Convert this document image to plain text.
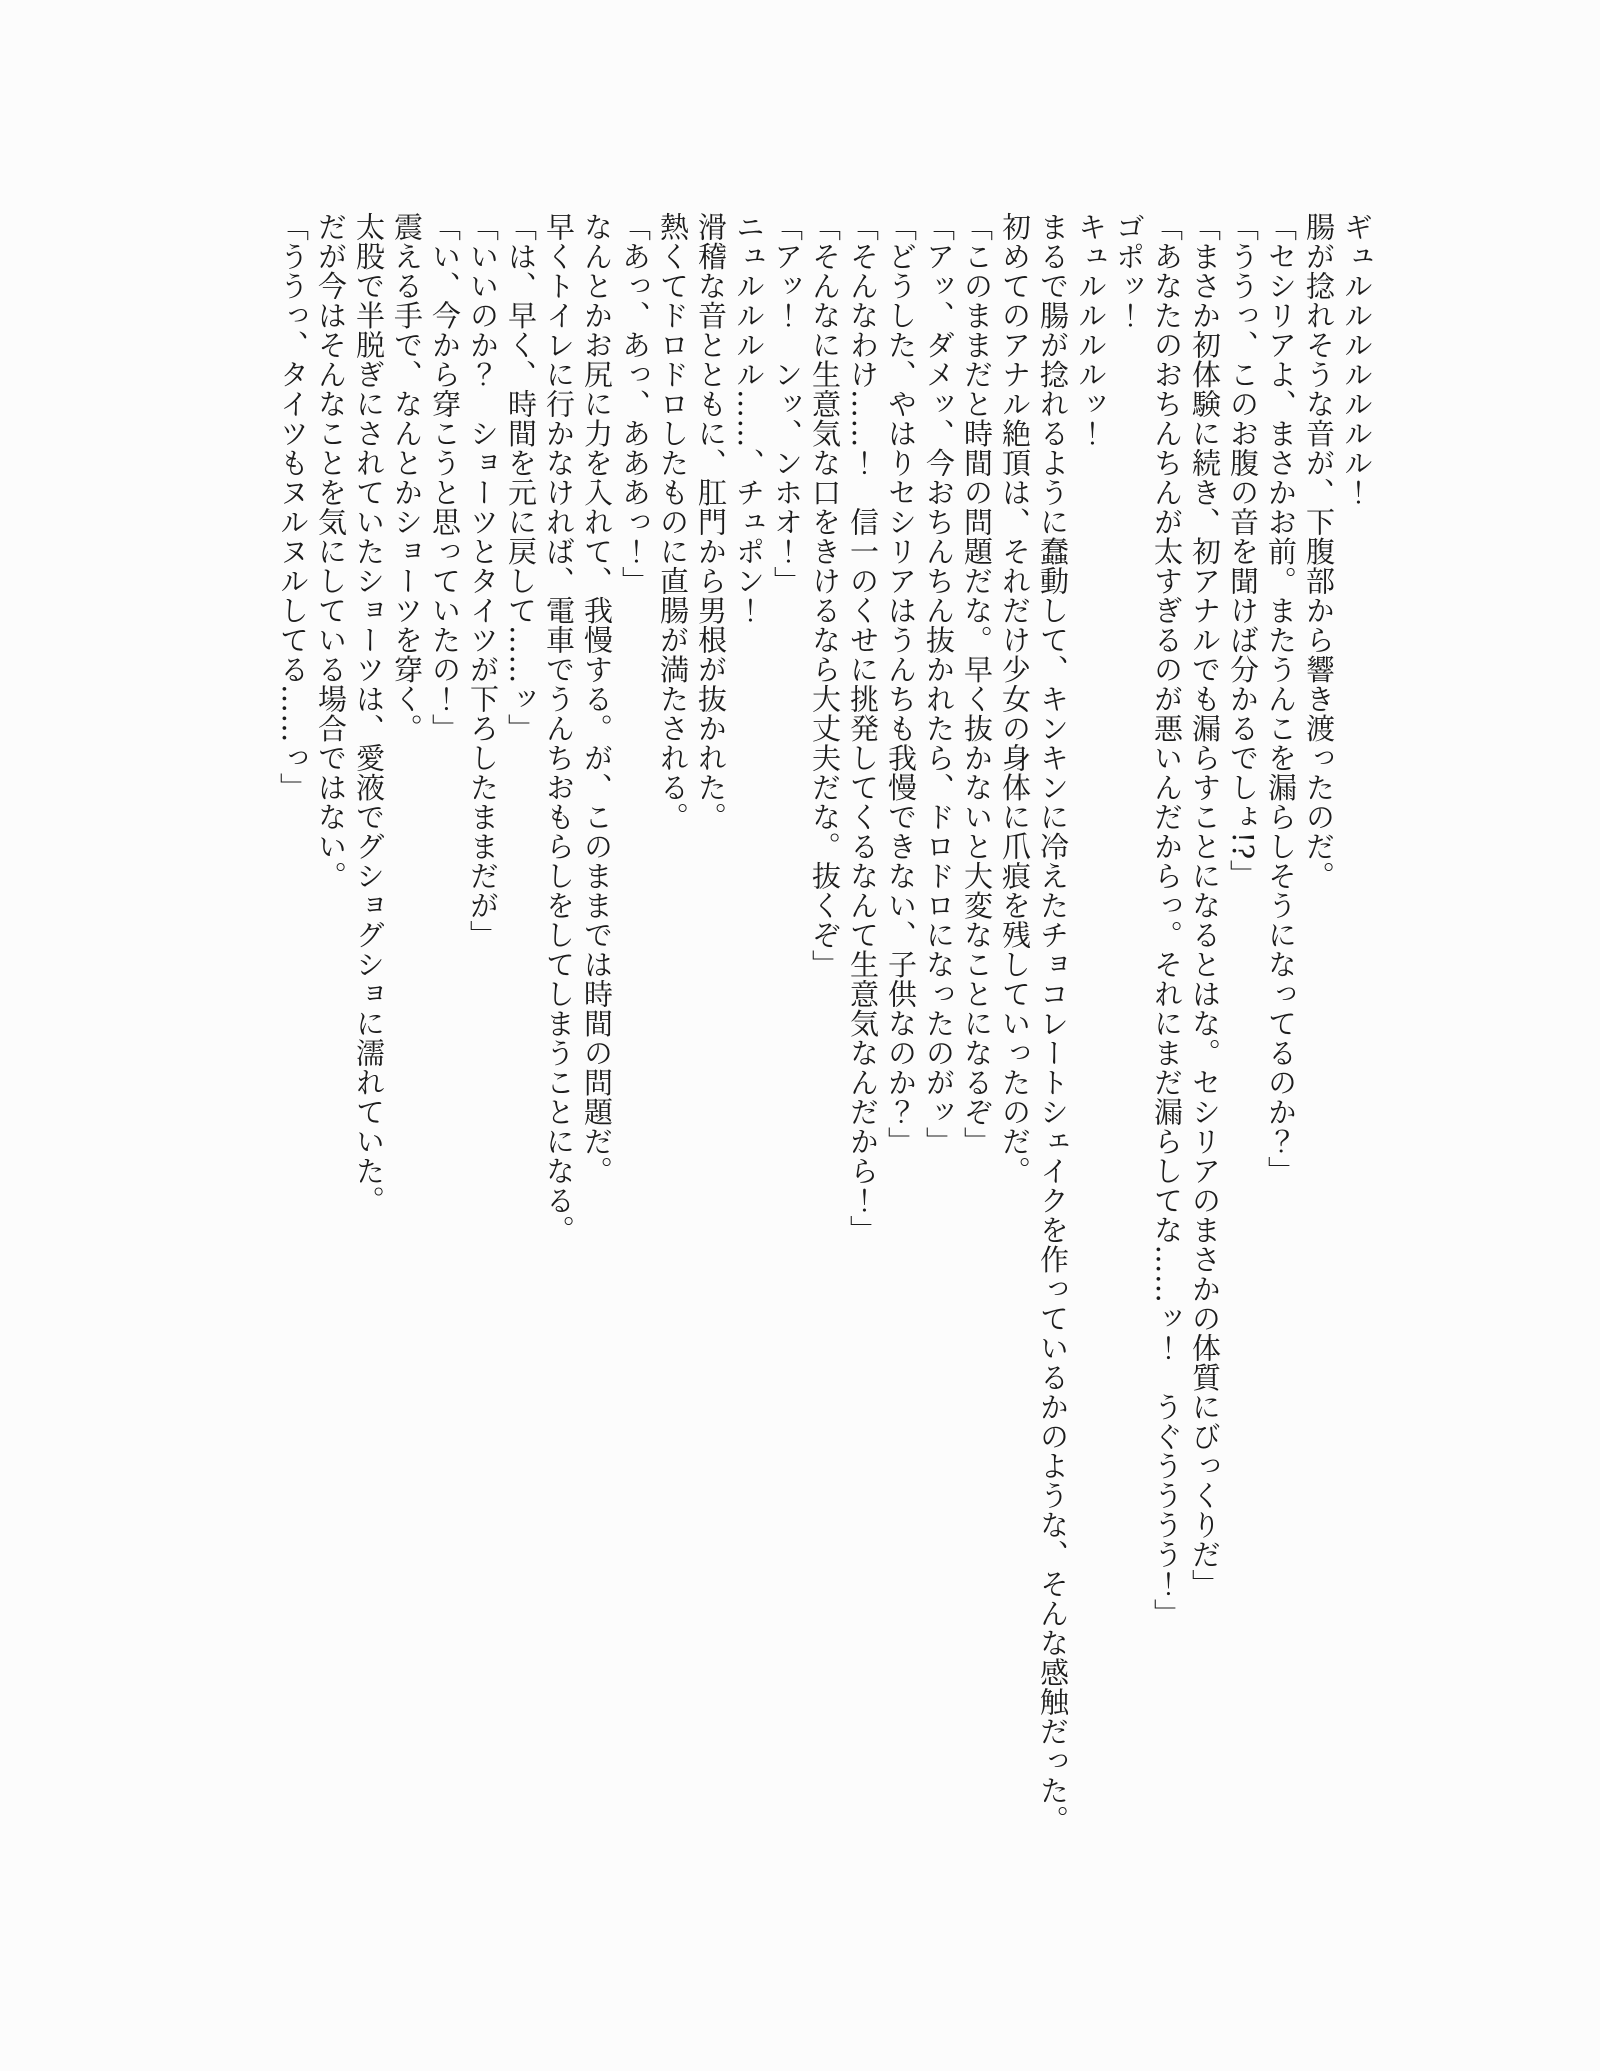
ギュルルルルルルル！

腸が捻れそうな音が、下腹部から響き渡ったのだ。

「セシリアよ、まさかお前。またうんこを漏らしそうになってるのか？」

「ううっ、このお腹の音を聞けば分かるでしょ!?」

「まさか初体験に続き、初アナルでも漏らすことになるとはな。セシリアのまさかの体質にびっくりだ」

「あなたのおちんちんが太すぎるのが悪いんだからっ。それにまだ漏らしてな……ッ！　うぐうううう！」

ゴポッ！

キュルルルルッ！

まるで腸が捻れるように蠢動して、キンキンに冷えたチョコレートシェイクを作っているかのような、そんな感触だった。

初めてのアナル絶頂は、それだけ少女の身体に爪痕を残していったのだ。

「このままだと時間の問題だな。早く抜かないと大変なことになるぞ」

「アッ、ダメッ、今おちんちん抜かれたら、ドロドロになったのがッ」

「どうした、やはりセシリアはうんちも我慢できない、子供なのか？」

「そんなわけ……！　信一のくせに挑発してくるなんて生意気なんだから！」

「そんなに生意気な口をきけるなら大丈夫だな。抜くぞ」

「アッ！　ンッ、ンホオ！」

ニュルルルル……、チュポン！

滑稽な音とともに、肛門から男根が抜かれた。

熱くてドロドロしたものに直腸が満たされる。

「あっ、あっ、あああっ！」

なんとかお尻に力を入れて、我慢する。が、このままでは時間の問題だ。

早くトイレに行かなければ、電車でうんちおもらしをしてしまうことになる。

「は、早く、時間を元に戻して……ッ」

「いいのか？　ショーツとタイツが下ろしたままだが」

「い、今から穿こうと思っていたの！」

震える手で、なんとかショーツを穿く。

太股で半脱ぎにされていたショーツは、愛液でグショグショに濡れていた。

だが今はそんなことを気にしている場合ではない。

「ううっ、タイツもヌルヌルしてる……っ」
